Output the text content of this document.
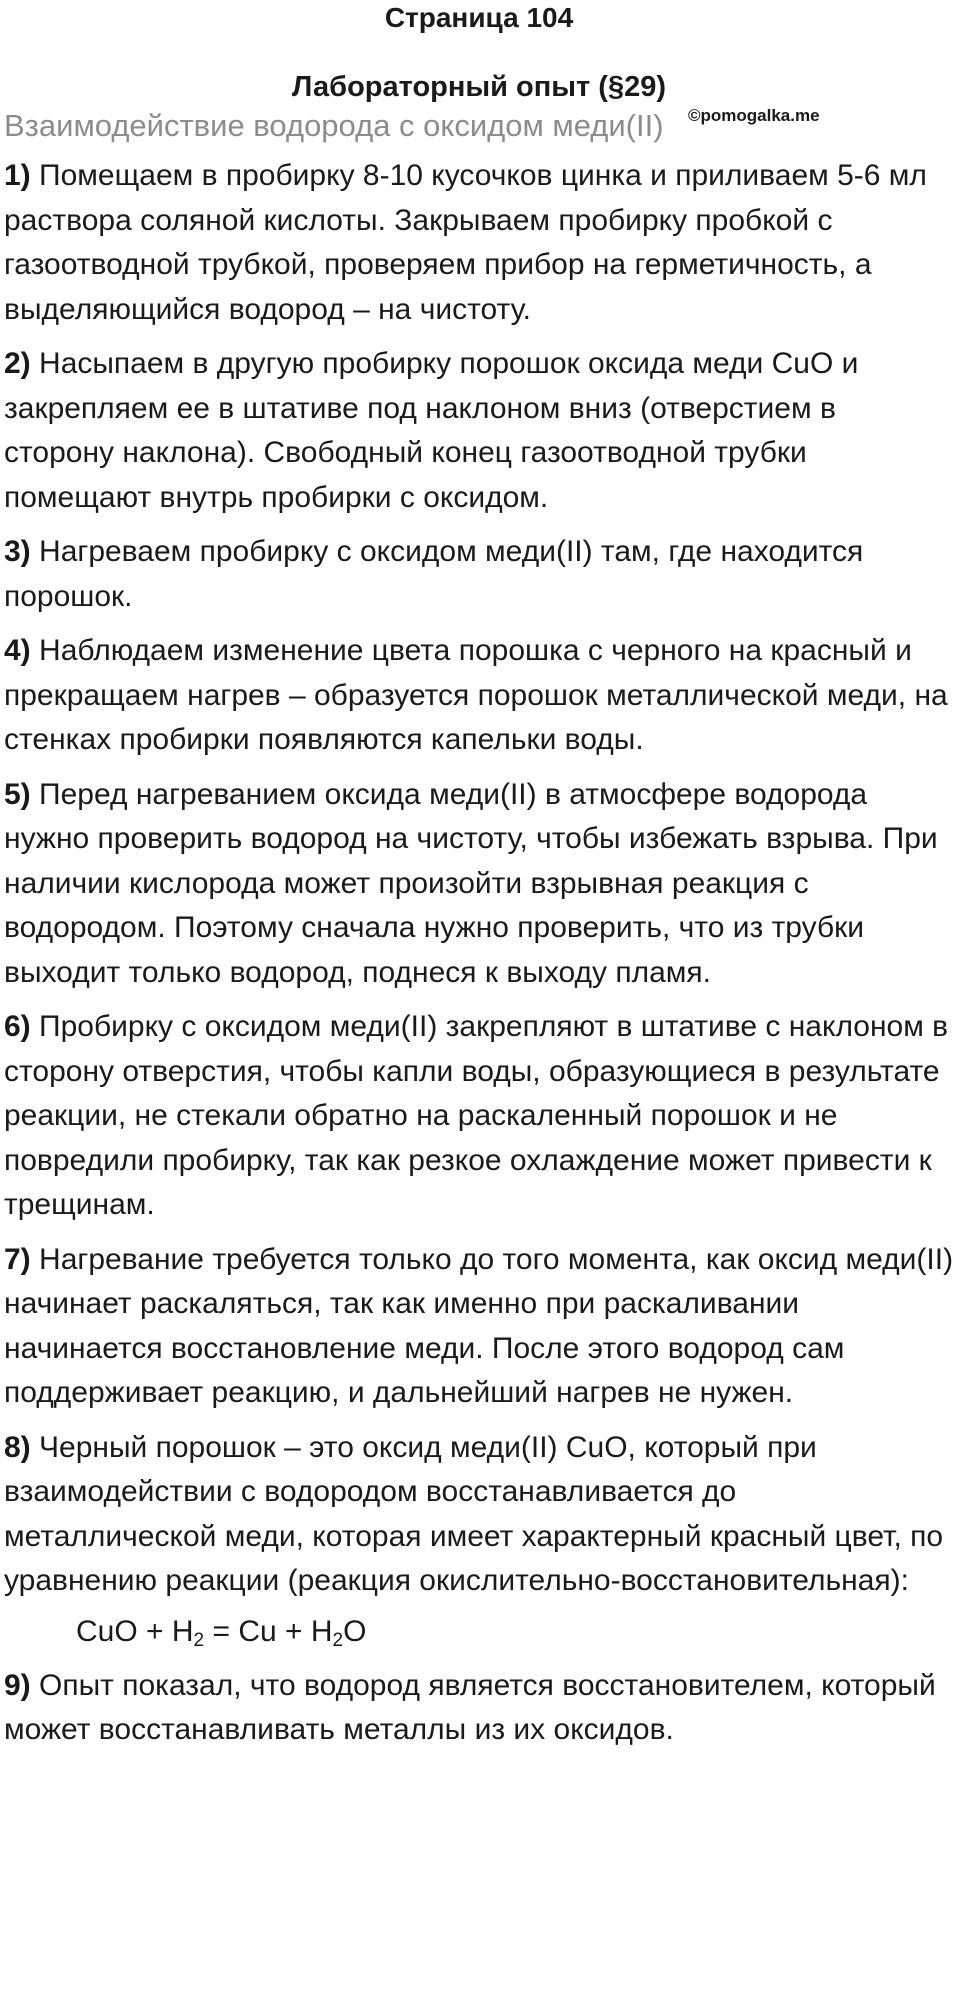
Страница 104
Лабораторный опыт (§29)
©pomogalka.me

Взаимодействие водорода с оксидом меди(II)

1) Помещаем в пробирку 8-10 кусочков цинка и приливаем 5-6 мл раствора соляной кислоты. Закрываем пробирку пробкой с газоотводной трубкой, проверяем прибор на герметичность, а выделяющийся водород – на чистоту.

2) Насыпаем в другую пробирку порошок оксида меди CuO и закрепляем ее в штативе под наклоном вниз (отверстием в сторону наклона). Свободный конец газоотводной трубки помещают внутрь пробирки с оксидом.

3) Нагреваем пробирку с оксидом меди(II) там, где находится порошок.

4) Наблюдаем изменение цвета порошка с черного на красный и прекращаем нагрев – образуется порошок металлической меди, на стенках пробирки появляются капельки воды.

5) Перед нагреванием оксида меди(II) в атмосфере водорода нужно проверить водород на чистоту, чтобы избежать взрыва. При наличии кислорода может произойти взрывная реакция с водородом. Поэтому сначала нужно проверить, что из трубки выходит только водород, поднеся к выходу пламя.

6) Пробирку с оксидом меди(II) закрепляют в штативе с наклоном в сторону отверстия, чтобы капли воды, образующиеся в результате реакции, не стекали обратно на раскаленный порошок и не повредили пробирку, так как резкое охлаждение может привести к трещинам.

7) Нагревание требуется только до того момента, как оксид меди(II) начинает раскаляться, так как именно при раскаливании начинается восстановление меди. После этого водород сам поддерживает реакцию, и дальнейший нагрев не нужен.

8) Черный порошок – это оксид меди(II) CuO, который при взаимодействии с водородом восстанавливается до металлической меди, которая имеет характерный красный цвет, по уравнению реакции (реакция окислительно-восстановительная):

CuO + $H_2 = Cu + H_2O$

9) Опыт показал, что водород является восстановителем, который может восстанавливать металлы из их оксидов.
